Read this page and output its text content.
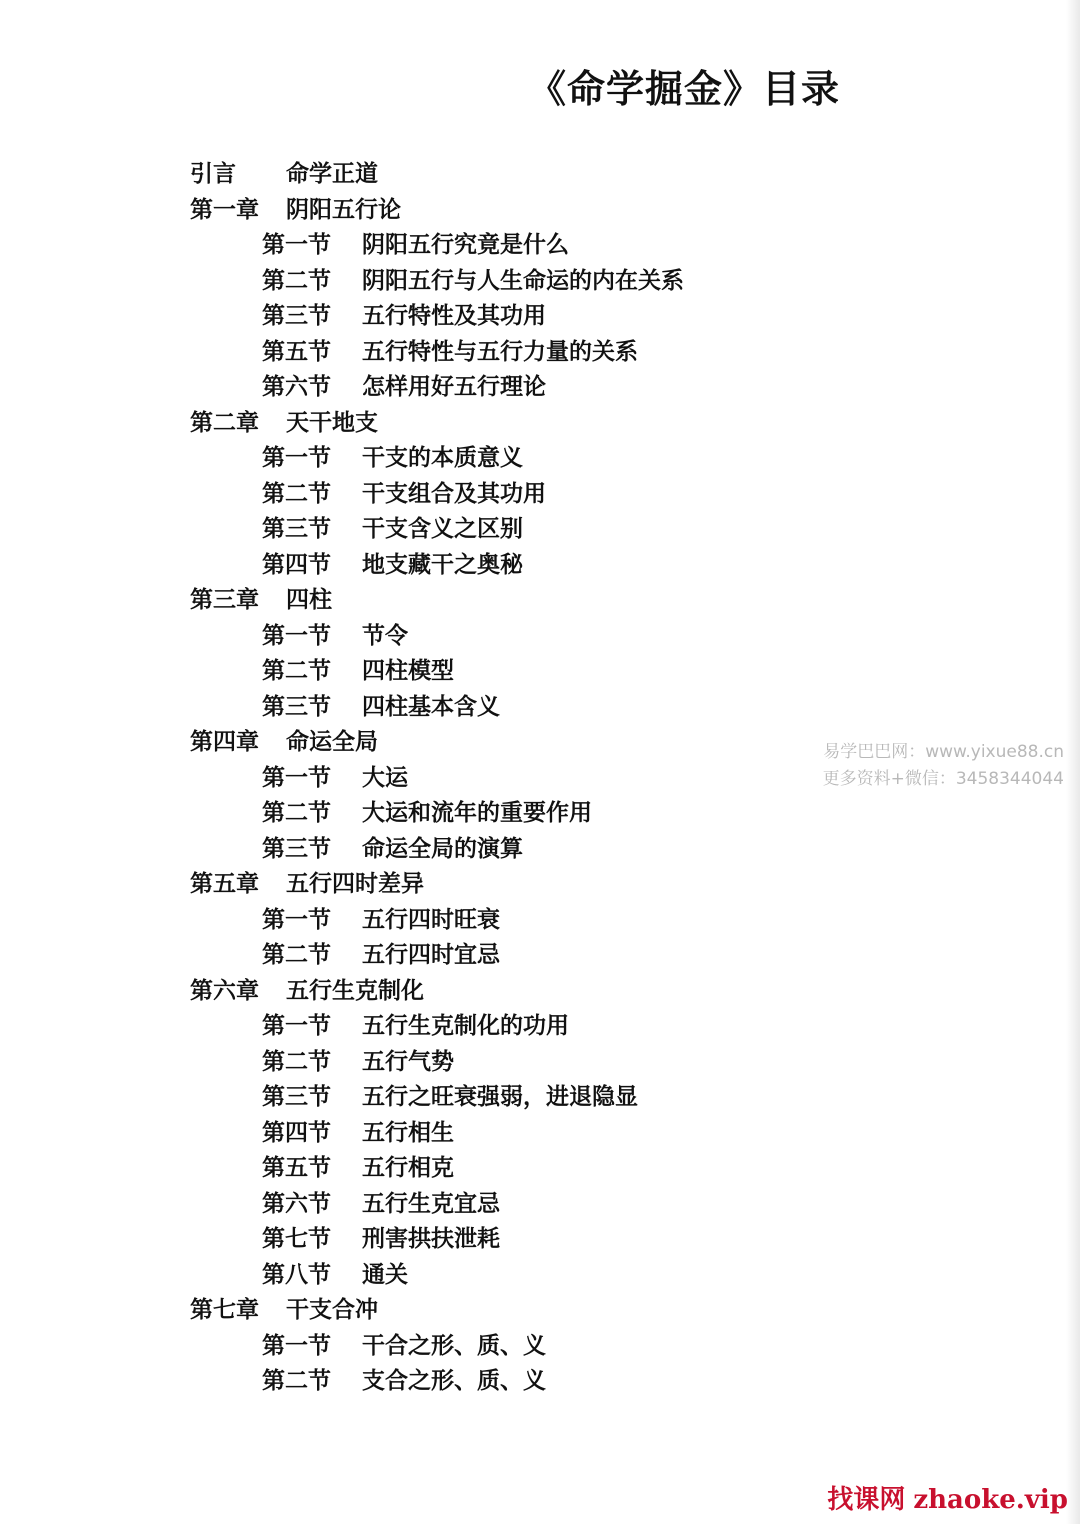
《命学掘金》目录
引言 命学正道
第一章 阴阳五行论
第一节 阴阳五行究竟是什么
第二节 阴阳五行与人生命运的内在关系
第三节 五行特性及其功用
第五节 五行特性与五行力量的关系
第六节 怎样用好五行理论
第二章 天干地支
第一节 干支的本质意义
第二节 干支组合及其功用
第三节 干支含义之区别
第四节 地支藏干之奥秘
第三章 四柱
第一节 节令
第二节 四柱模型
第三节 四柱基本含义
第四章 命运全局
第一节 大运
第二节 大运和流年的重要作用
第三节 命运全局的演算
第五章 五行四时差异
第一节 五行四时旺衰
第二节 五行四时宜忌
第六章 五行生克制化
第一节 五行生克制化的功用
第二节 五行气势
第三节 五行之旺衰强弱，进退隐显
第四节 五行相生
第五节 五行相克
第六节 五行生克宜忌
第七节 刑害拱扶泄耗
第八节 通关
第七章 干支合冲
第一节 干合之形、质、义
第二节 支合之形、质、义
易学巴巴网：www.yixue88.cn
更多资料+微信：3458344044
找课网 zhaoke.vip
